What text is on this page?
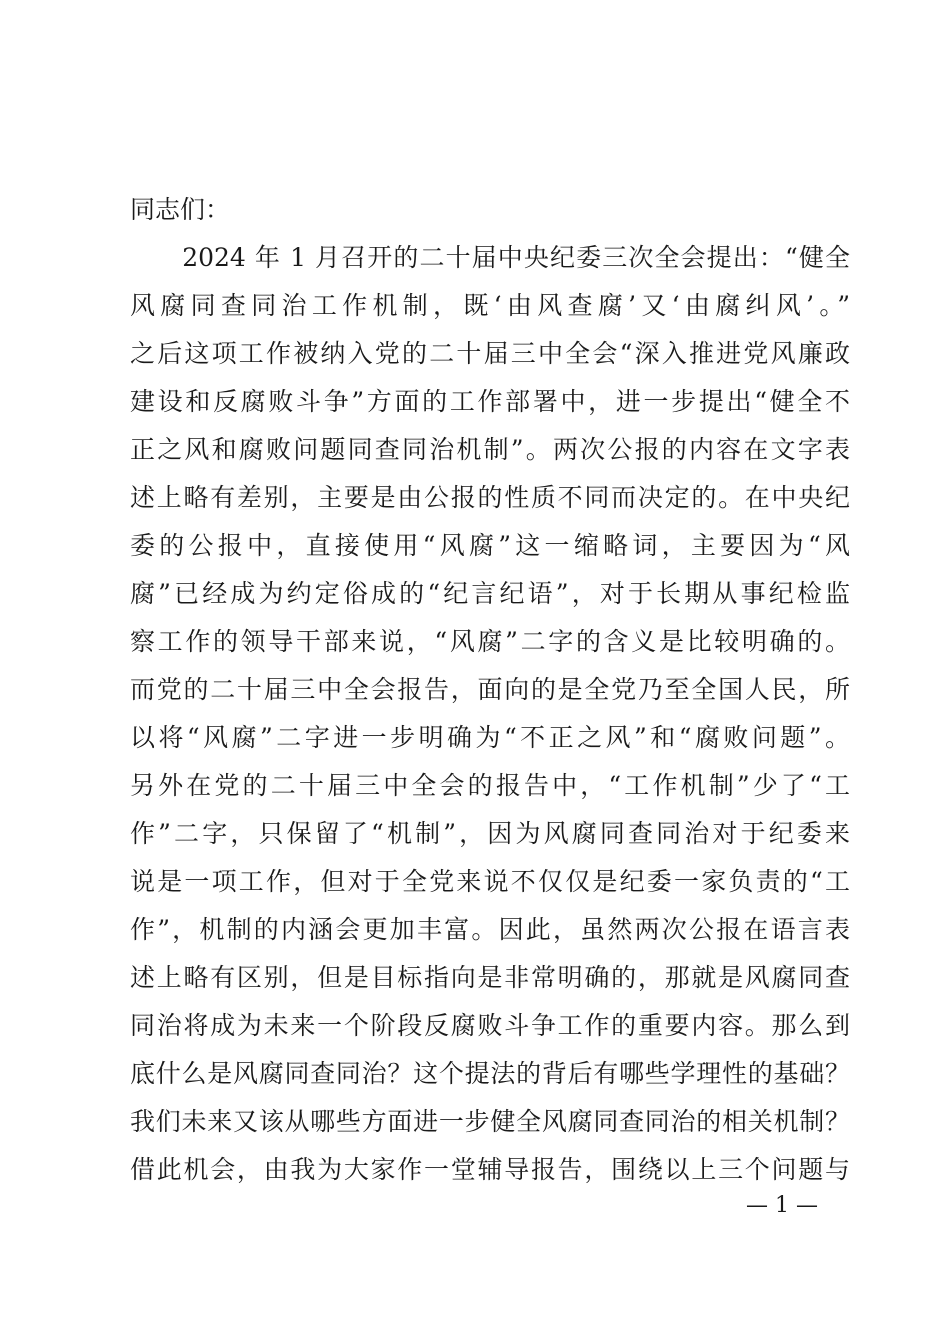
同志们：
　　2024 年 1 月召开的二十届中央纪委三次全会提出：“健全
风腐同查同治工作机制，既‘由风查腐’又‘由腐纠风’。”
之后这项工作被纳入党的二十届三中全会“深入推进党风廉政
建设和反腐败斗争”方面的工作部署中，进一步提出“健全不
正之风和腐败问题同查同治机制”。两次公报的内容在文字表
述上略有差别，主要是由公报的性质不同而决定的。在中央纪
委的公报中，直接使用“风腐”这一缩略词，主要因为“风
腐”已经成为约定俗成的“纪言纪语”，对于长期从事纪检监
察工作的领导干部来说，“风腐”二字的含义是比较明确的。
而党的二十届三中全会报告，面向的是全党乃至全国人民，所
以将“风腐”二字进一步明确为“不正之风”和“腐败问题”。
另外在党的二十届三中全会的报告中，“工作机制”少了“工
作”二字，只保留了“机制”，因为风腐同查同治对于纪委来
说是一项工作，但对于全党来说不仅仅是纪委一家负责的“工
作”，机制的内涵会更加丰富。因此，虽然两次公报在语言表
述上略有区别，但是目标指向是非常明确的，那就是风腐同查
同治将成为未来一个阶段反腐败斗争工作的重要内容。那么到
底什么是风腐同查同治？这个提法的背后有哪些学理性的基础？
我们未来又该从哪些方面进一步健全风腐同查同治的相关机制？
借此机会，由我为大家作一堂辅导报告，围绕以上三个问题与
— 1 —
